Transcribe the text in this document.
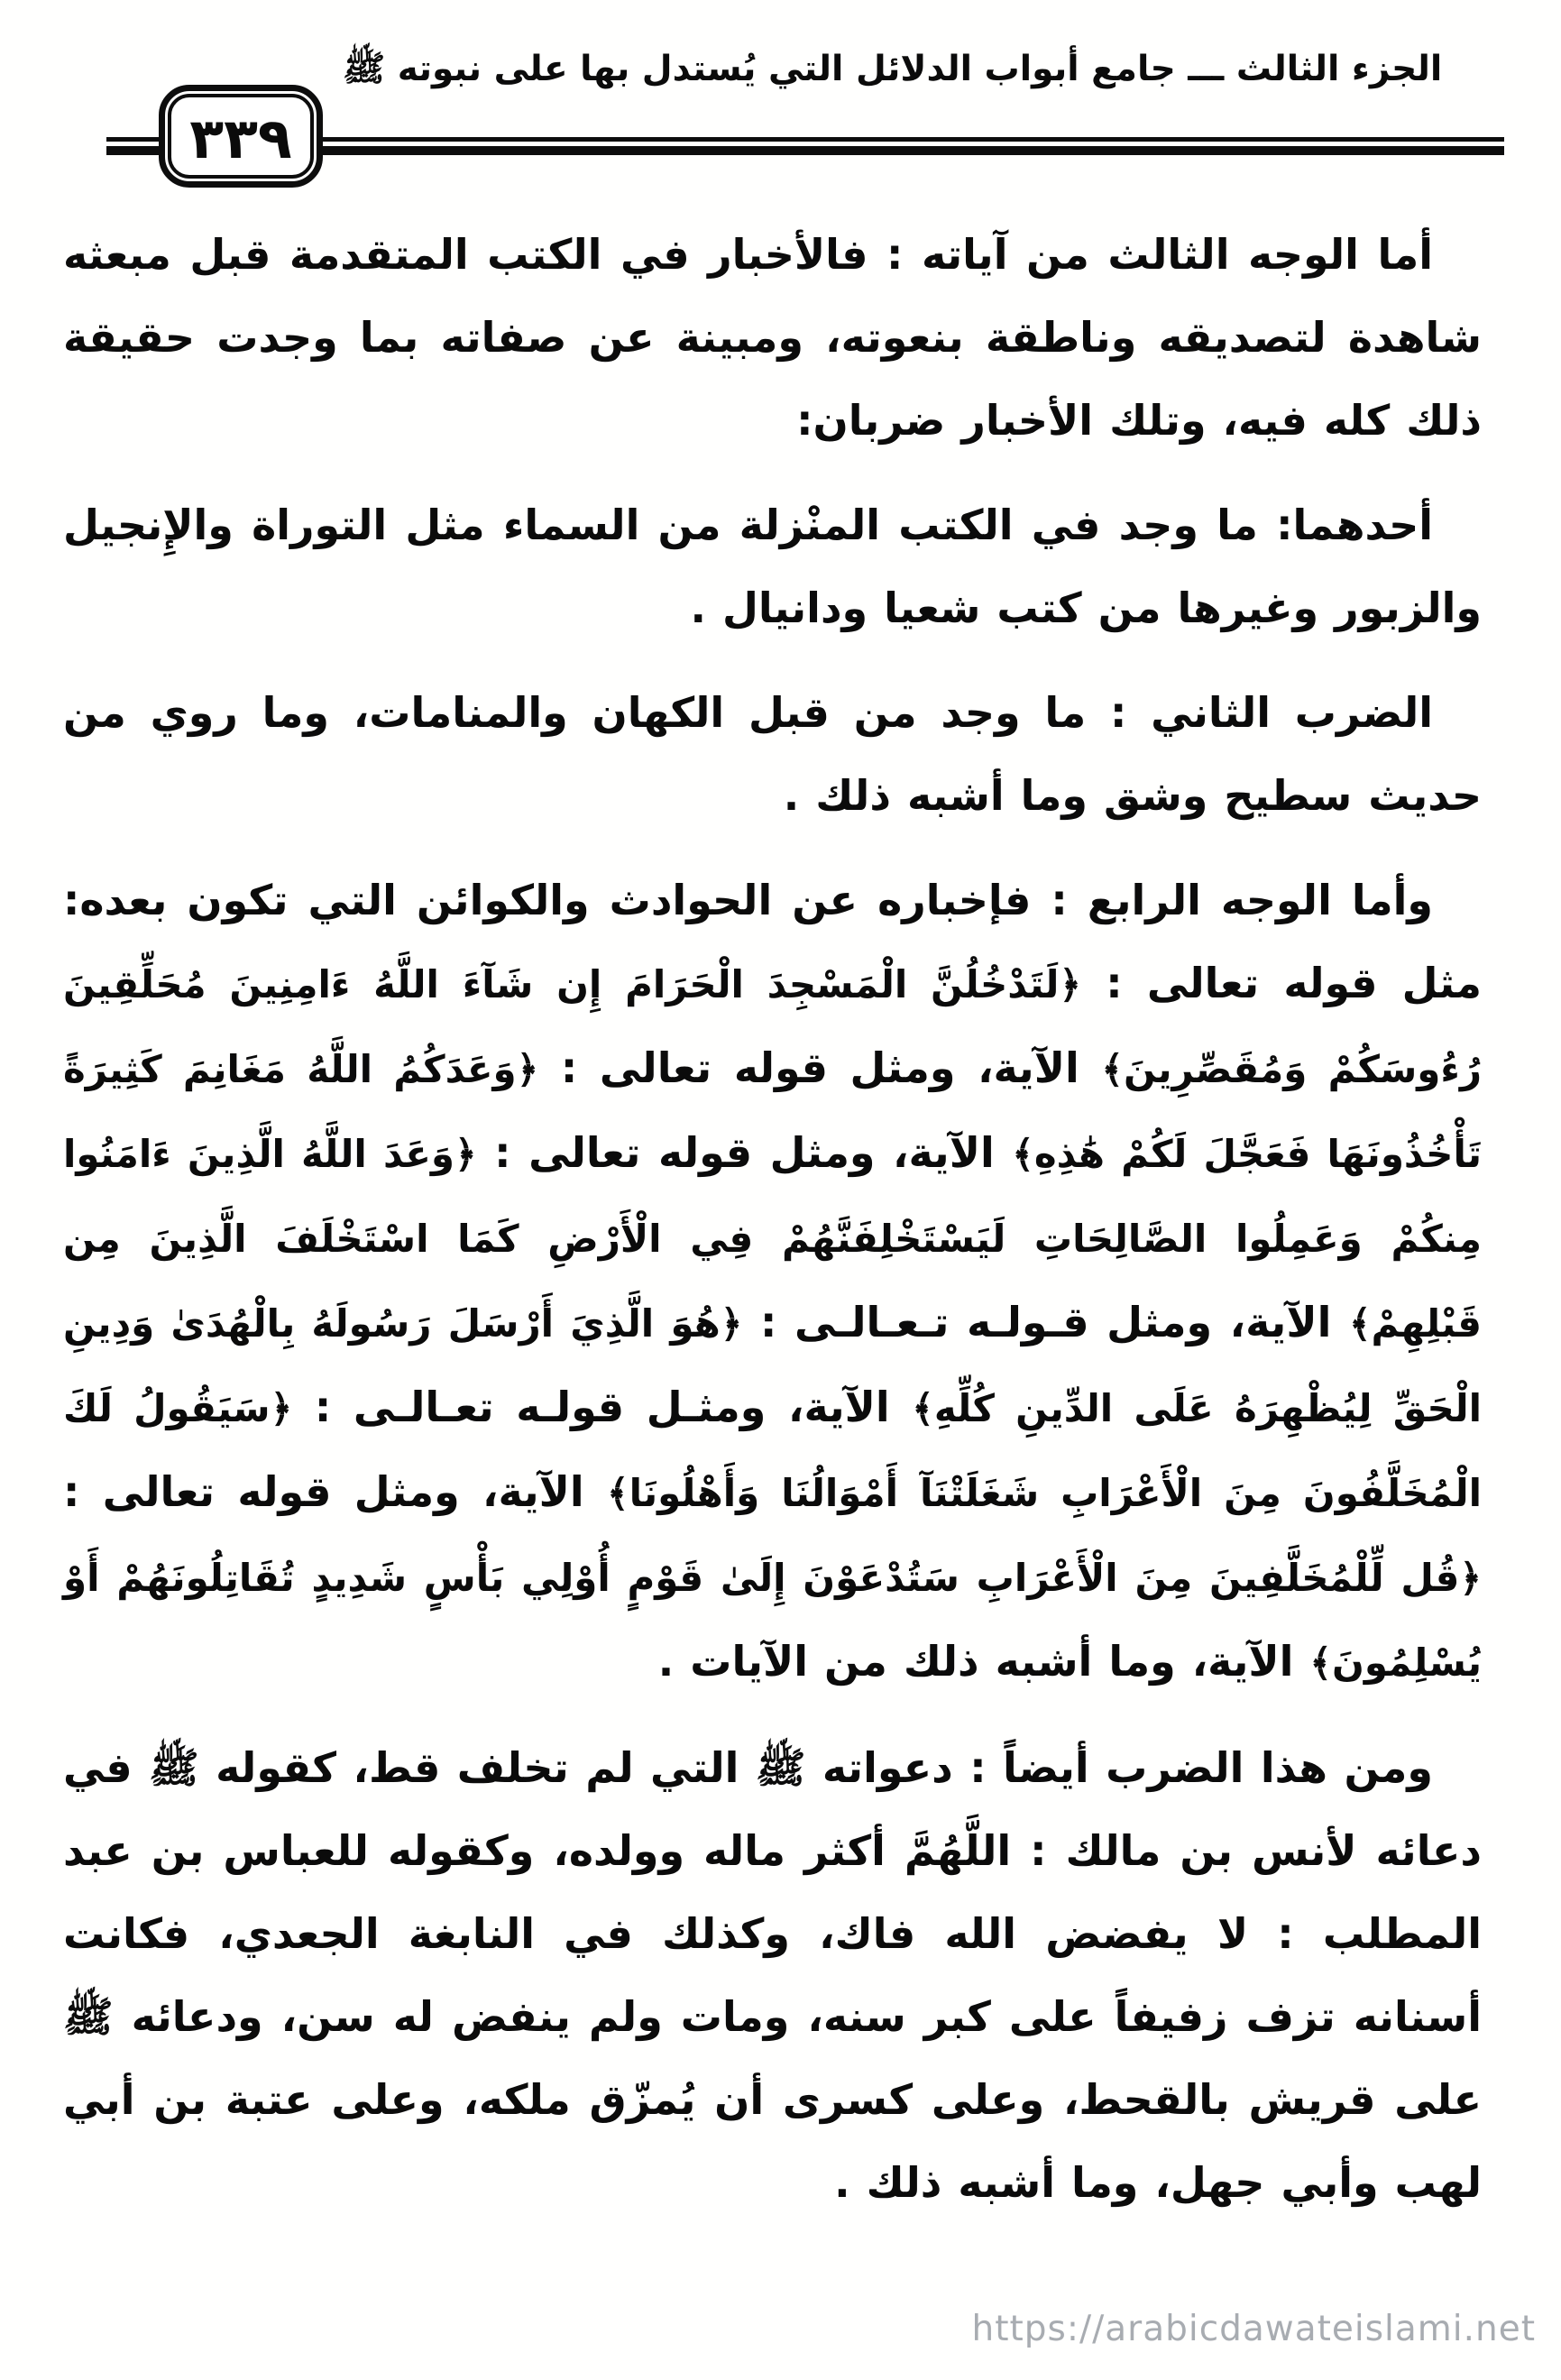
الجزء الثالث ـــ جامع أبواب الدلائل التي يُستدل بها على نبوته ﷺ
٣٣٩

أما الوجه الثالث من آياته : فالأخبار في الكتب المتقدمة قبل مبعثه شاهدة لتصديقه وناطقة بنعوته، ومبينة عن صفاته بما وجدت حقيقة ذلك كله فيه، وتلك الأخبار ضربان:

أحدهما: ما وجد في الكتب المنْزلة من السماء مثل التوراة والإِنجيل والزبور وغيرها من كتب شعيا ودانيال .

الضرب الثاني : ما وجد من قبل الكهان والمنامات، وما روي من حديث سطيح وشق وما أشبه ذلك .

وأما الوجه الرابع : فإخباره عن الحوادث والكوائن التي تكون بعده: مثل قوله تعالى : ﴿لَتَدْخُلُنَّ الْمَسْجِدَ الْحَرَامَ إِن شَآءَ اللَّهُ ءَامِنِينَ مُحَلِّقِينَ رُءُوسَكُمْ وَمُقَصِّرِينَ﴾ الآية، ومثل قوله تعالى : ﴿وَعَدَكُمُ اللَّهُ مَغَانِمَ كَثِيرَةً تَأْخُذُونَهَا فَعَجَّلَ لَكُمْ هَٰذِهِ﴾ الآية، ومثل قوله تعالى : ﴿وَعَدَ اللَّهُ الَّذِينَ ءَامَنُوا مِنكُمْ وَعَمِلُوا الصَّالِحَاتِ لَيَسْتَخْلِفَنَّهُمْ فِي الْأَرْضِ كَمَا اسْتَخْلَفَ الَّذِينَ مِن قَبْلِهِمْ﴾ الآية، ومثل قـولـه تـعـالـى : ﴿هُوَ الَّذِيَ أَرْسَلَ رَسُولَهُ بِالْهُدَىٰ وَدِينِ الْحَقِّ لِيُظْهِرَهُ عَلَى الدِّينِ كُلِّهِ﴾ الآية، ومثـل قولـه تعـالـى : ﴿سَيَقُولُ لَكَ الْمُخَلَّفُونَ مِنَ الْأَعْرَابِ شَغَلَتْنَآ أَمْوَالُنَا وَأَهْلُونَا﴾ الآية، ومثل قوله تعالى : ﴿قُل لِّلْمُخَلَّفِينَ مِنَ الْأَعْرَابِ سَتُدْعَوْنَ إِلَىٰ قَوْمٍ أُوْلِي بَأْسٍ شَدِيدٍ تُقَاتِلُونَهُمْ أَوْ يُسْلِمُونَ﴾ الآية، وما أشبه ذلك من الآيات .

ومن هذا الضرب أيضاً : دعواته ﷺ التي لم تخلف قط، كقوله ﷺ في دعائه لأنس بن مالك : اللَّهُمَّ أكثر ماله وولده، وكقوله للعباس بن عبد المطلب : لا يفضض الله فاك، وكذلك في النابغة الجعدي، فكانت أسنانه تزف زفيفاً على كبر سنه، ومات ولم ينفض له سن، ودعائه ﷺ على قريش بالقحط، وعلى كسرى أن يُمزّق ملكه، وعلى عتبة بن أبي لهب وأبي جهل، وما أشبه ذلك .

https://arabicdawateislami.net
